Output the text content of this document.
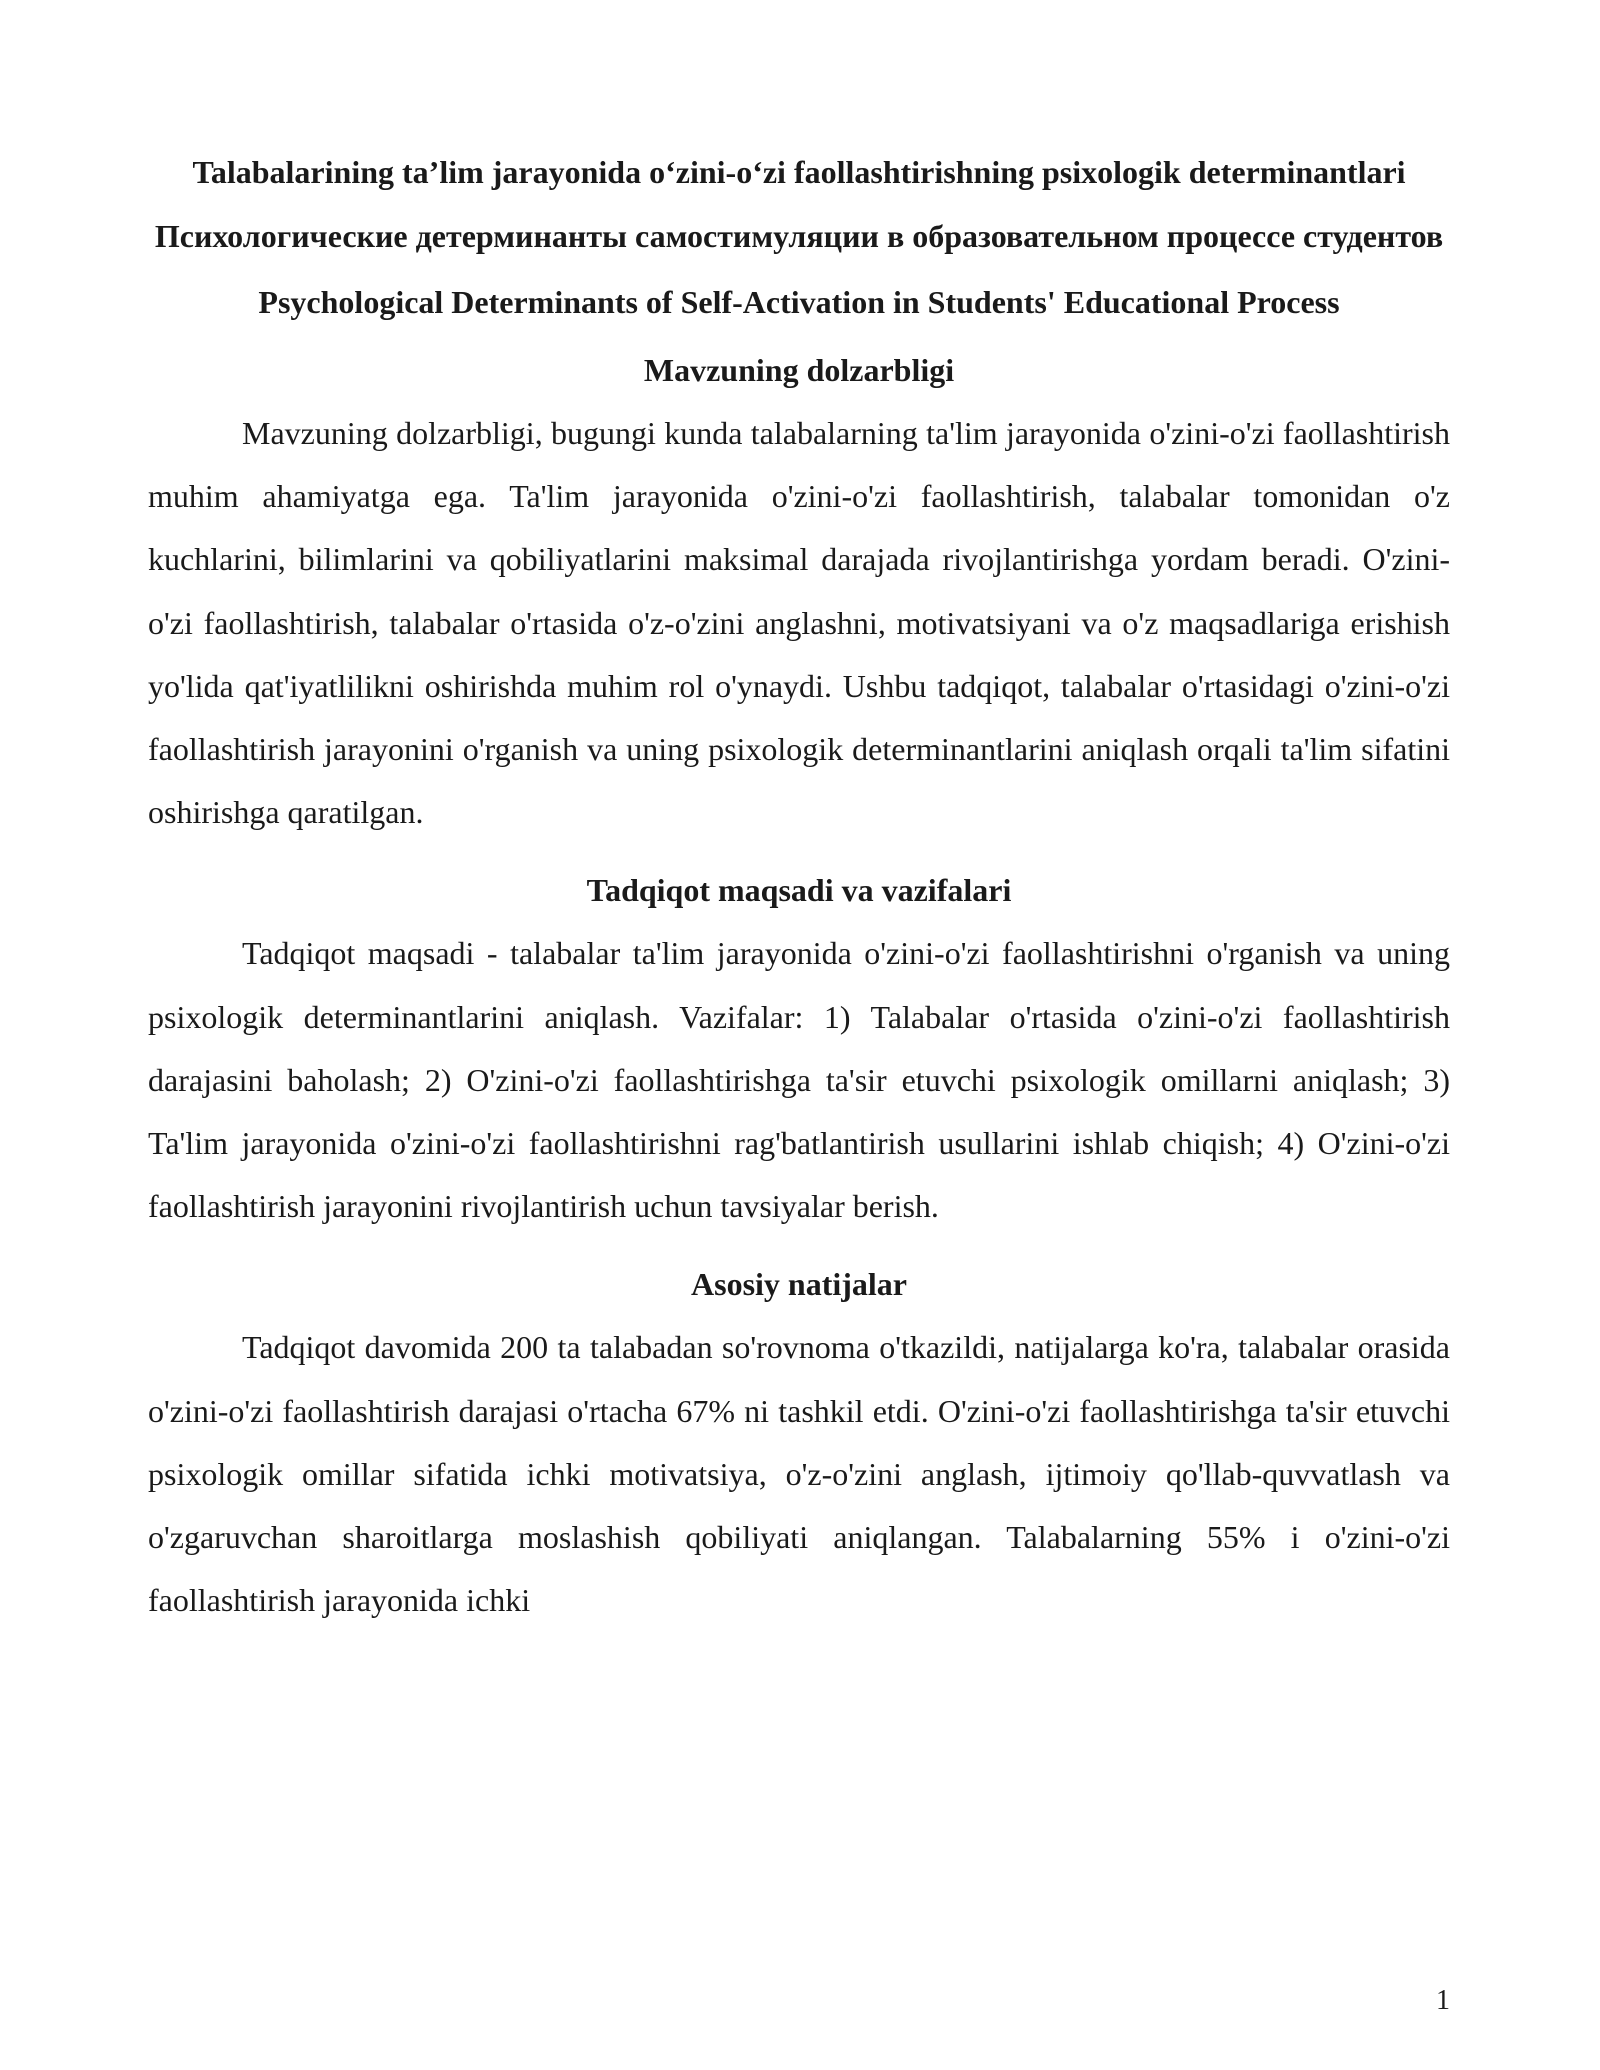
Talabalarining ta’lim jarayonida o‘zini-o‘zi faollashtirishning psixologik determinantlari

Психологические детерминанты самостимуляции в образовательном процессе студентов

Psychological Determinants of Self-Activation in Students' Educational Process

Mavzuning dolzarbligi

Mavzuning dolzarbligi, bugungi kunda talabalarning ta'lim jarayonida o'zini-o'zi faollashtirish muhim ahamiyatga ega. Ta'lim jarayonida o'zini-o'zi faollashtirish, talabalar tomonidan o'z kuchlarini, bilimlarini va qobiliyatlarini maksimal darajada rivojlantirishga yordam beradi. O'zini-o'zi faollashtirish, talabalar o'rtasida o'z-o'zini anglashni, motivatsiyani va o'z maqsadlariga erishish yo'lida qat'iyatlilikni oshirishda muhim rol o'ynaydi. Ushbu tadqiqot, talabalar o'rtasidagi o'zini-o'zi faollashtirish jarayonini o'rganish va uning psixologik determinantlarini aniqlash orqali ta'lim sifatini oshirishga qaratilgan.

Tadqiqot maqsadi va vazifalari

Tadqiqot maqsadi - talabalar ta'lim jarayonida o'zini-o'zi faollashtirishni o'rganish va uning psixologik determinantlarini aniqlash. Vazifalar: 1) Talabalar o'rtasida o'zini-o'zi faollashtirish darajasini baholash; 2) O'zini-o'zi faollashtirishga ta'sir etuvchi psixologik omillarni aniqlash; 3) Ta'lim jarayonida o'zini-o'zi faollashtirishni rag'batlantirish usullarini ishlab chiqish; 4) O'zini-o'zi faollashtirish jarayonini rivojlantirish uchun tavsiyalar berish.

Asosiy natijalar

Tadqiqot davomida 200 ta talabadan so'rovnoma o'tkazildi, natijalarga ko'ra, talabalar orasida o'zini-o'zi faollashtirish darajasi o'rtacha 67% ni tashkil etdi. O'zini-o'zi faollashtirishga ta'sir etuvchi psixologik omillar sifatida ichki motivatsiya, o'z-o'zini anglash, ijtimoiy qo'llab-quvvatlash va o'zgaruvchan sharoitlarga moslashish qobiliyati aniqlangan. Talabalarning 55% i o'zini-o'zi faollashtirish jarayonida ichki

1
